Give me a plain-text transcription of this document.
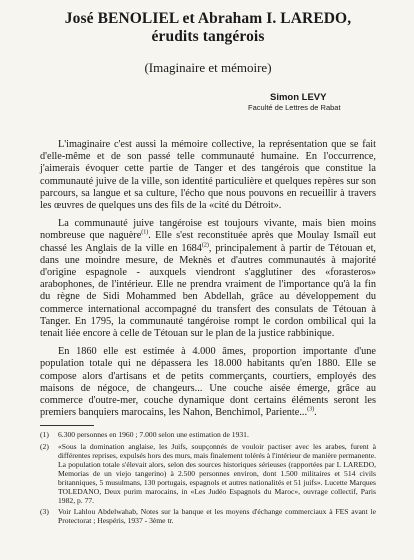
José BENOLIEL et Abraham I. LAREDO,
érudits tangérois
(Imaginaire et mémoire)
Simon LEVY
Faculté de Lettres de Rabat

L'imaginaire c'est aussi la mémoire collective, la représentation que se fait d'elle-même et de son passé telle communauté humaine. En l'occurrence, j'aimerais évoquer cette partie de Tanger et des tangérois que constitue la communauté juive de la ville, son identité particulière et quelques repères sur son parcours, sa langue et sa culture, l'écho que nous pouvons en recueillir à travers les œuvres de quelques uns des fils de la «cité du Détroit».

La communauté juive tangéroise est toujours vivante, mais bien moins nombreuse que naguère$^{(1)}$. Elle s'est reconstituée après que Moulay Ismaïl eut chassé les Anglais de la ville en 1684$^{(2)}$, principalement à partir de Tétouan et, dans une moindre mesure, de Meknès et d'autres communautés à majorité d'origine espagnole - auxquels viendront s'agglutiner des «forasteros» arabophones, de l'intérieur. Elle ne prendra vraiment de l'importance qu'à la fin du règne de Sidi Mohammed ben Abdellah, grâce au développement du commerce international accompagné du transfert des consulats de Tétouan à Tanger. En 1795, la communauté tangéroise rompt le cordon ombilical qui la tenait liée encore à celle de Tétouan sur le plan de la justice rabbinique.

En 1860 elle est estimée à 4.000 âmes, proportion importante d'une population totale qui ne dépassera les 18.000 habitants qu'en 1880. Elle se compose alors d'artisans et de petits commerçants, courtiers, employés des maisons de négoce, de changeurs... Une couche aisée émerge, grâce au commerce d'outre-mer, couche dynamique dont certains éléments seront les premiers banquiers marocains, les Nahon, Benchimol, Pariente...$^{(3)}$.

(1)	6.300 personnes en 1960 ; 7.000 selon une estimation de 1931.
(2)	«Sous la domination anglaise, les Juifs, soupçonnés de vouloir pactiser avec les arabes, furent à différentes reprises, expulsés hors des murs, mais finalement tolérés à l'intérieur de manière permanente. La population totale s'élevait alors, selon des sources historiques sérieuses (rapportées par I. LAREDO, Memorias de un viejo tangerino) à 2.500 personnes environ, dont 1.500 militaires et 514 civils britanniques, 5 musulmans, 130 portugais, espagnols et autres nationalités et 51 juifs». Lucette Marques TOLEDANO, Deux purim marocains, in «Les Judéo Espagnols du Maroc», ouvrage collectif, Paris 1982, p. 77.
(3)	Voir Lahlou Abdelwahab, Notes sur la banque et les moyens d'échange commerciaux à FES avant le Protectorat ; Hespéris, 1937 - 3ème tr.
